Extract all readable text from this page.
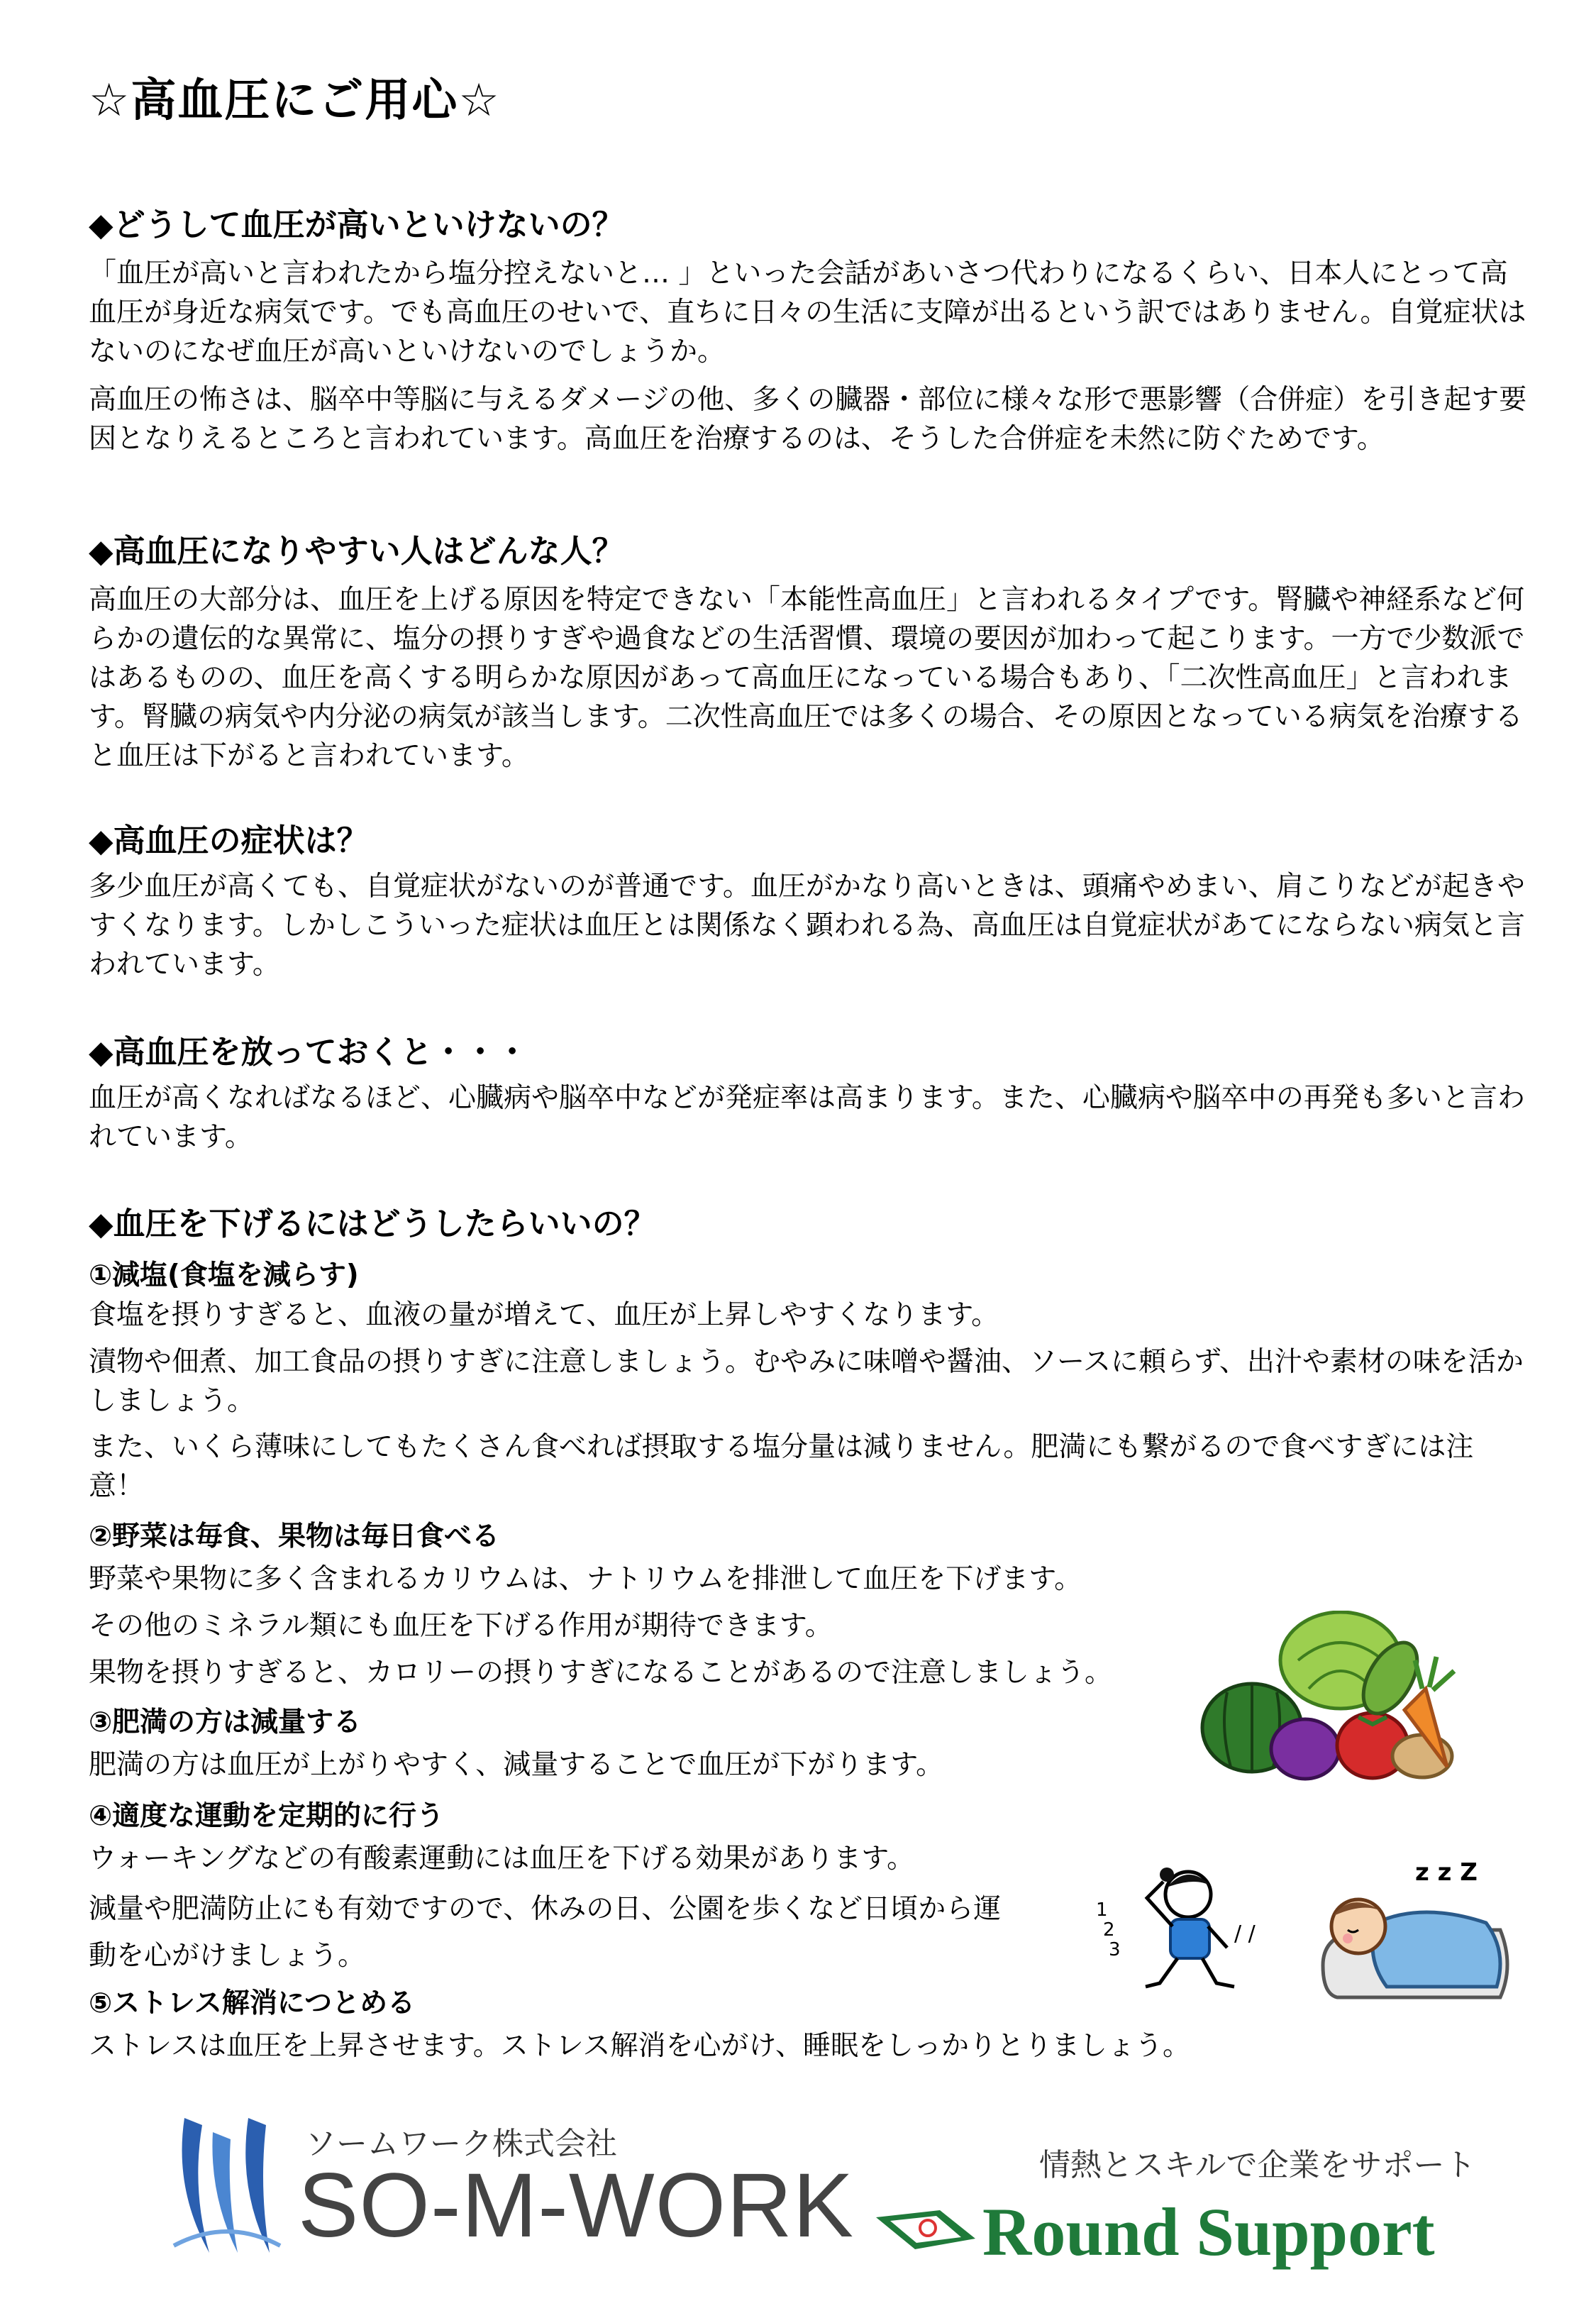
☆高血圧にご用心☆
◆どうして血圧が高いといけないの？

「血圧が高いと言われたから塩分控えないと… 」といった会話があいさつ代わりになるくらい、日本人にとって高血圧が身近な病気です。でも高血圧のせいで、直ちに日々の生活に支障が出るという訳ではありません。自覚症状はないのになぜ血圧が高いといけないのでしょうか。

高血圧の怖さは、脳卒中等脳に与えるダメージの他、多くの臓器・部位に様々な形で悪影響（合併症）を引き起す要因となりえるところと言われています。高血圧を治療するのは、そうした合併症を未然に防ぐためです。

◆高血圧になりやすい人はどんな人？

高血圧の大部分は、血圧を上げる原因を特定できない「本能性高血圧」と言われるタイプです。腎臓や神経系など何らかの遺伝的な異常に、塩分の摂りすぎや過食などの生活習慣、環境の要因が加わって起こります。一方で少数派ではあるものの、血圧を高くする明らかな原因があって高血圧になっている場合もあり、「二次性高血圧」と言われます。腎臓の病気や内分泌の病気が該当します。二次性高血圧では多くの場合、その原因となっている病気を治療すると血圧は下がると言われています。

◆高血圧の症状は？

多少血圧が高くても、自覚症状がないのが普通です。血圧がかなり高いときは、頭痛やめまい、肩こりなどが起きやすくなります。しかしこういった症状は血圧とは関係なく顕われる為、高血圧は自覚症状があてにならない病気と言われています。

◆高血圧を放っておくと・・・

血圧が高くなればなるほど、心臓病や脳卒中などが発症率は高まります。また、心臓病や脳卒中の再発も多いと言われています。

◆血圧を下げるにはどうしたらいいの？
①減塩(食塩を減らす)

食塩を摂りすぎると、血液の量が増えて、血圧が上昇しやすくなります。

漬物や佃煮、加工食品の摂りすぎに注意しましょう。むやみに味噌や醤油、ソースに頼らず、出汁や素材の味を活かしましょう。

また、いくら薄味にしてもたくさん食べれば摂取する塩分量は減りません。肥満にも繋がるので食べすぎには注意！

②野菜は毎食、果物は毎日食べる

野菜や果物に多く含まれるカリウムは、ナトリウムを排泄して血圧を下げます。

その他のミネラル類にも血圧を下げる作用が期待できます。

果物を摂りすぎると、カロリーの摂りすぎになることがあるので注意しましょう。

③肥満の方は減量する

肥満の方は血圧が上がりやすく、減量することで血圧が下がります。

④適度な運動を定期的に行う

ウォーキングなどの有酸素運動には血圧を下げる効果があります。

減量や肥満防止にも有効ですので、休みの日、公園を歩くなど日頃から運動を心がけましょう。

⑤ストレス解消につとめる

ストレスは血圧を上昇させます。ストレス解消を心がけ、睡眠をしっかりとりましょう。

1
2
3
/ /
z z Z
ソームワーク株式会社
SO-M-WORK	情熱とスキルで企業をサポート
Round Support
